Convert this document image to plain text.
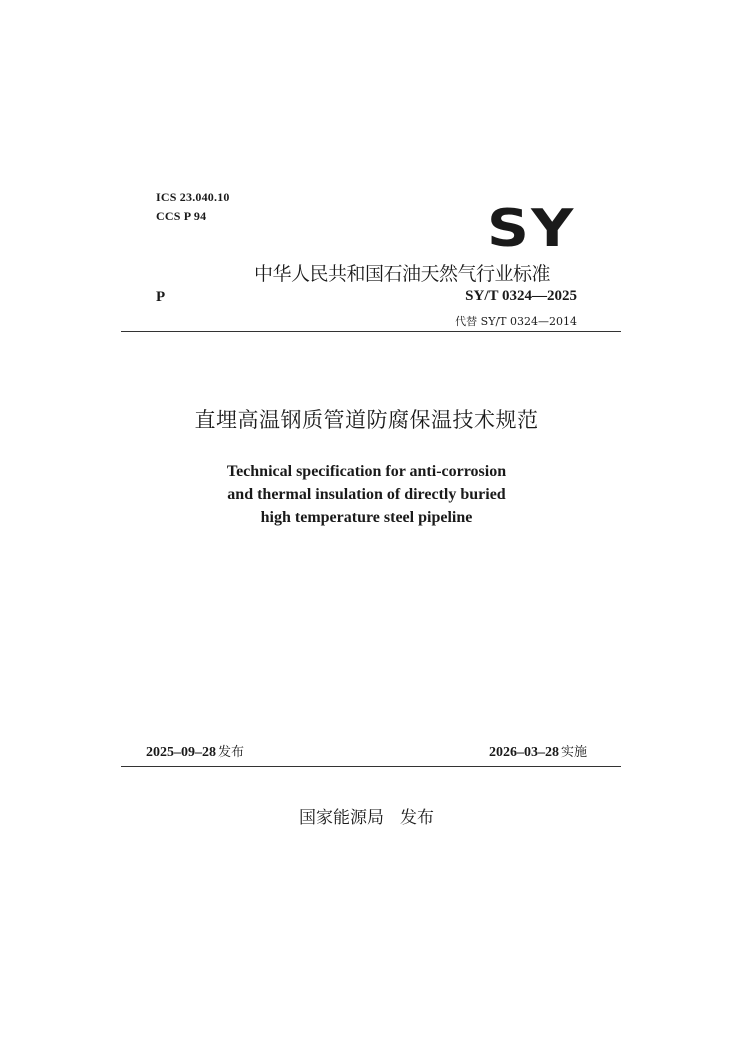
ICS 23.040.10
CCS P 94	SY
中华人民共和国石油天然气行业标准
P	SY/T 0324—2025
代替 SY/T 0324—2014
直埋高温钢质管道防腐保温技术规范
Technical specification for anti-corrosion
and thermal insulation of directly buried
high temperature steel pipeline
2025–09–28 发布	2026–03–28 实施
国家能源局 发布
